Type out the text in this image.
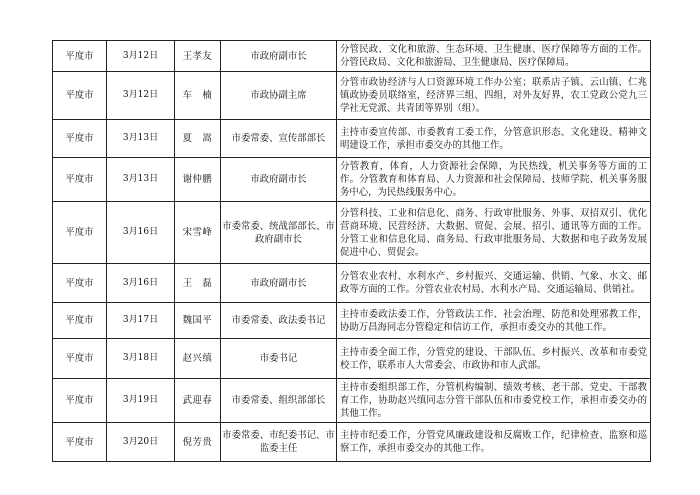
平度市	3月12日	王孝友	市政府副市长	分管民政、文化和旅游、生态环境、卫生健康、医疗保障等方面的工作。分管民政局、文化和旅游局、卫生健康局、医疗保障局。
平度市	3月12日	车　楠	市政协副主席	分管市政协经济与人口资源环境工作办公室；联系店子镇、云山镇、仁兆镇政协委员联络室，经济界三组、四组，对外友好界，农工党政公党九三学社无党派、共青团等界别（组）。
平度市	3月13日	夏　嵩	市委常委、宣传部部长	主持市委宣传部、市委教育工委工作，分管意识形态、文化建设、精神文明建设工作，承担市委交办的其他工作。
平度市	3月13日	谢仲鹏	市政府副市长	分管教育，体育，人力资源社会保障，为民热线，机关事务等方面的工作。分管教育和体育局、人力资源和社会保障局、技师学院、机关事务服务中心，为民热线服务中心。
平度市	3月16日	宋雪峰	市委常委、统战部部长、市政府副市长	分管科技、工业和信息化、商务、行政审批服务、外事、双招双引、优化营商环境、民营经济、大数据、贸促、会展、招引、通讯等方面的工作。分管工业和信息化局、商务局、行政审批服务局、大数据和电子政务发展促进中心、贸促会。
平度市	3月16日	王　磊	市政府副市长	分管农业农村、水利水产、乡村振兴、交通运输、供销、气象、水文、邮政等方面的工作。分管农业农村局、水利水产局、交通运输局、供销社。
平度市	3月17日	魏国平	市委常委、政法委书记	主持市委政法委工作，分管政法工作、社会治理、防范和处理邪教工作，协助万昌海同志分管稳定和信访工作，承担市委交办的其他工作。
平度市	3月18日	赵兴缜	市委书记	主持市委全面工作，分管党的建设、干部队伍、乡村振兴、改革和市委党校工作，联系市人大常委会、市政协和市人武部。
平度市	3月19日	武迎春	市委常委、组织部部长	主持市委组织部工作，分管机构编制、绩效考核、老干部、党史、干部教育工作，协助赵兴缜同志分管干部队伍和市委党校工作，承担市委交办的其他工作。
平度市	3月20日	倪芳贵	市委常委、市纪委书记、市监委主任	主持市纪委工作，分管党风廉政建设和反腐败工作，纪律检查、监察和巡察工作，承担市委交办的其他工作。
